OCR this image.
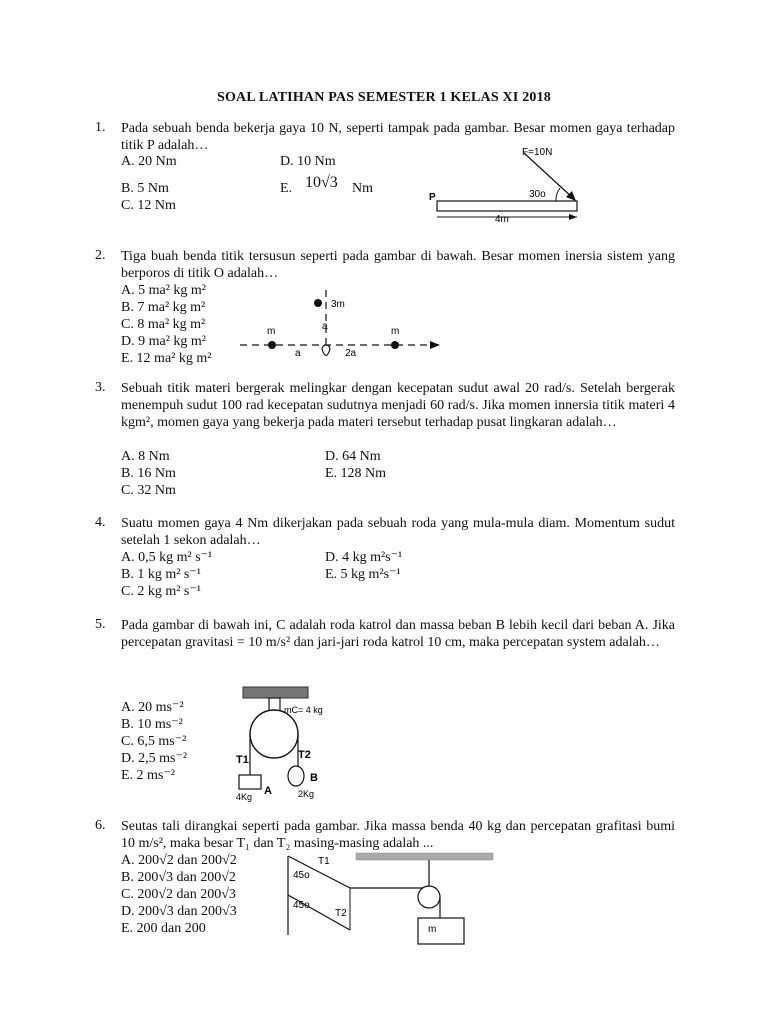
SOAL LATIHAN PAS SEMESTER 1 KELAS XI 2018
1. Pada sebuah benda bekerja gaya 10 N, seperti tampak pada gambar. Besar momen gaya terhadap titik P adalah…
A. 20 Nm	D. 10 Nm
B. 5 Nm	E. 10√3 Nm
C. 12 Nm
F=10N
30o
P
4m
2. Tiga buah benda titik tersusun seperti pada gambar di bawah. Besar momen inersia sistem yang berporos di titik O adalah…
A. 5 ma² kg m²
B. 7 ma² kg m²
C. 8 ma² kg m²
D. 9 ma² kg m²
E. 12 ma² kg m²
3m
m	m
a
a	2a
3. Sebuah titik materi bergerak melingkar dengan kecepatan sudut awal 20 rad/s. Setelah bergerak menempuh sudut 100 rad kecepatan sudutnya menjadi 60 rad/s. Jika momen innersia titik materi 4 kgm², momen gaya yang bekerja pada materi tersebut terhadap pusat lingkaran adalah…
A. 8 Nm	D. 64 Nm
B. 16 Nm	E. 128 Nm
C. 32 Nm
4. Suatu momen gaya 4 Nm dikerjakan pada sebuah roda yang mula-mula diam. Momentum sudut setelah 1 sekon adalah…
A. 0,5 kg m² s⁻¹	D. 4 kg m²s⁻¹
B. 1 kg m² s⁻¹	E. 5 kg m²s⁻¹
C. 2 kg m² s⁻¹
5. Pada gambar di bawah ini, C adalah roda katrol dan massa beban B lebih kecil dari beban A. Jika percepatan gravitasi = 10 m/s² dan jari-jari roda katrol 10 cm, maka percepatan system adalah…
A. 20 ms⁻²
B. 10 ms⁻²
C. 6,5 ms⁻²
D. 2,5 ms⁻²
E. 2 ms⁻²
mC= 4 kg
T1	T2
A
B
4Kg	2Kg
6. Seutas tali dirangkai seperti pada gambar. Jika massa benda 40 kg dan percepatan grafitasi bumi 10 m/s², maka besar T₁ dan T₂ masing-masing adalah ...
A. 200√2 dan 200√2
B. 200√3 dan 200√2
C. 200√2 dan 200√3
D. 200√3 dan 200√3
E. 200 dan 200
T1
T2
45o
45o
m
